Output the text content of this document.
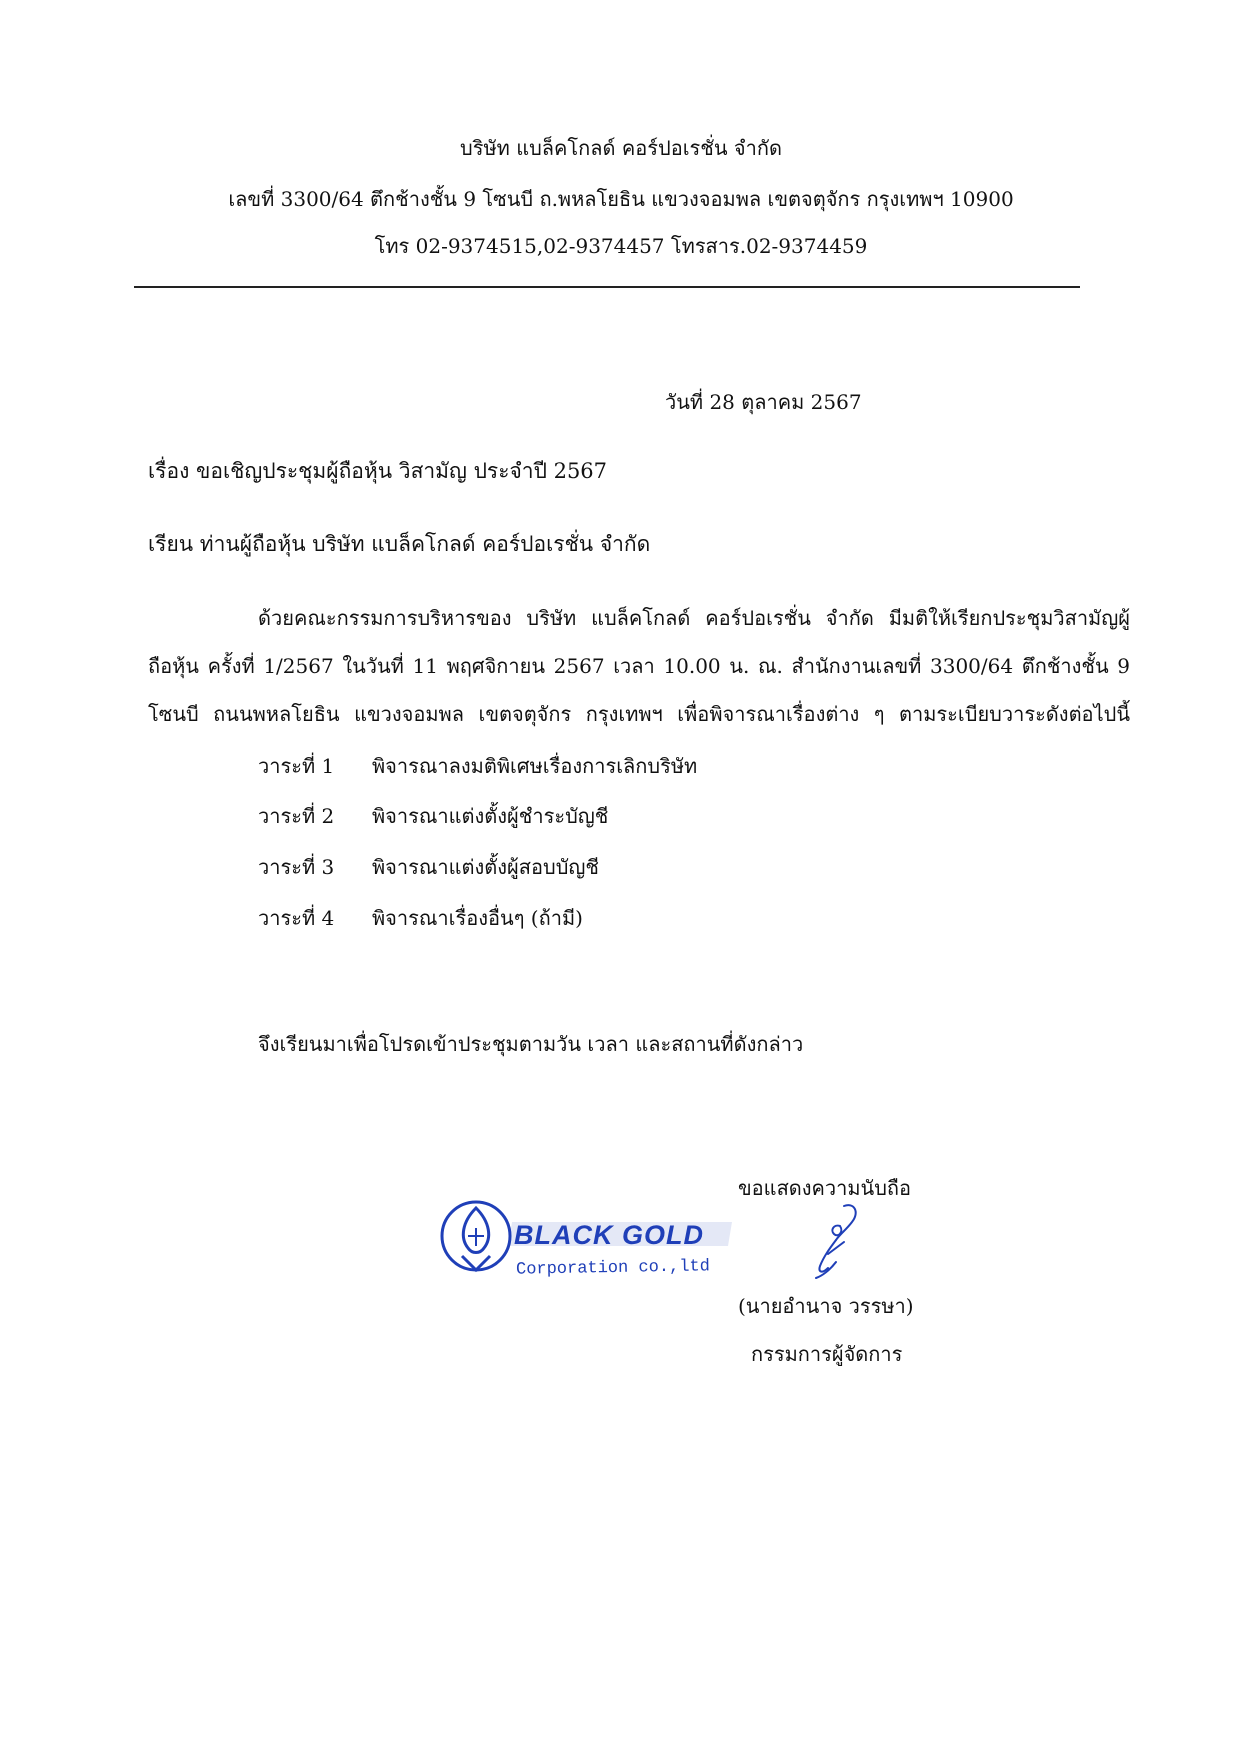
บริษัท แบล็คโกลด์ คอร์ปอเรชั่น จำกัด
เลขที่ 3300/64 ตึกช้างชั้น 9 โซนบี ถ.พหลโยธิน แขวงจอมพล เขตจตุจักร กรุงเทพฯ 10900
โทร 02-9374515,02-9374457 โทรสาร.02-9374459
วันที่ 28 ตุลาคม 2567
เรื่อง ขอเชิญประชุมผู้ถือหุ้น วิสามัญ ประจำปี 2567
เรียน ท่านผู้ถือหุ้น บริษัท แบล็คโกลด์ คอร์ปอเรชั่น จำกัด
ด้วยคณะกรรมการบริหารของ บริษัท แบล็คโกลด์ คอร์ปอเรชั่น จำกัด มีมติให้เรียกประชุมวิสามัญผู้
ถือหุ้น ครั้งที่ 1/2567 ในวันที่ 11 พฤศจิกายน 2567 เวลา 10.00 น. ณ. สำนักงานเลขที่ 3300/64 ตึกช้างชั้น 9
โซนบี ถนนพหลโยธิน แขวงจอมพล เขตจตุจักร กรุงเทพฯ เพื่อพิจารณาเรื่องต่าง ๆ ตามระเบียบวาระดังต่อไปนี้
วาระที่ 1 พิจารณาลงมติพิเศษเรื่องการเลิกบริษัท
วาระที่ 2 พิจารณาแต่งตั้งผู้ชำระบัญชี
วาระที่ 3 พิจารณาแต่งตั้งผู้สอบบัญชี
วาระที่ 4 พิจารณาเรื่องอื่นๆ (ถ้ามี)
จึงเรียนมาเพื่อโปรดเข้าประชุมตามวัน เวลา และสถานที่ดังกล่าว
ขอแสดงความนับถือ
BLACK GOLD
Corporation co.,ltd
(นายอำนาจ วรรษา)
กรรมการผู้จัดการ
